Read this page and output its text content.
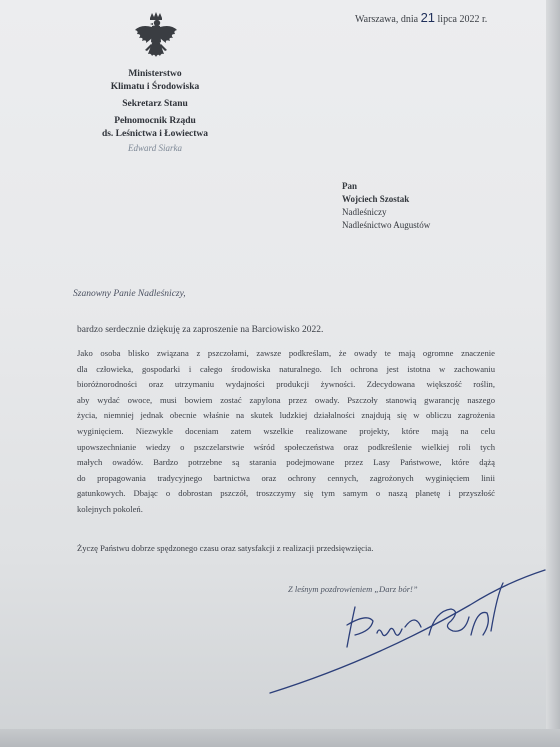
Warszawa, dnia 21 lipca 2022 r.
Ministerstwo
Klimatu i Środowiska
Sekretarz Stanu
Pełnomocnik Rządu
ds. Leśnictwa i Łowiectwa
Edward Siarka
Pan
Wojciech Szostak
Nadleśniczy
Nadleśnictwo Augustów
Szanowny Panie Nadleśniczy,
bardzo serdecznie dziękuję za zaproszenie na Barciowisko 2022.
Jako osoba blisko związana z pszczołami, zawsze podkreślam, że owady te mają ogromne znaczenie
dla człowieka, gospodarki i całego środowiska naturalnego. Ich ochrona jest istotna w zachowaniu
bioróżnorodności oraz utrzymaniu wydajności produkcji żywności. Zdecydowana większość roślin,
aby wydać owoce, musi bowiem zostać zapylona przez owady. Pszczoły stanowią gwarancję naszego
życia, niemniej jednak obecnie właśnie na skutek ludzkiej działalności znajdują się w obliczu zagrożenia
wyginięciem. Niezwykle doceniam zatem wszelkie realizowane projekty, które mają na celu
upowszechnianie wiedzy o pszczelarstwie wśród społeczeństwa oraz podkreślenie wielkiej roli tych
małych owadów. Bardzo potrzebne są starania podejmowane przez Lasy Państwowe, które dążą
do propagowania tradycyjnego bartnictwa oraz ochrony cennych, zagrożonych wyginięciem linii
gatunkowych. Dbając o dobrostan pszczół, troszczymy się tym samym o naszą planetę i przyszłość
kolejnych pokoleń.
Życzę Państwu dobrze spędzonego czasu oraz satysfakcji z realizacji przedsięwzięcia.
Z leśnym pozdrowieniem „Darz bór!”
